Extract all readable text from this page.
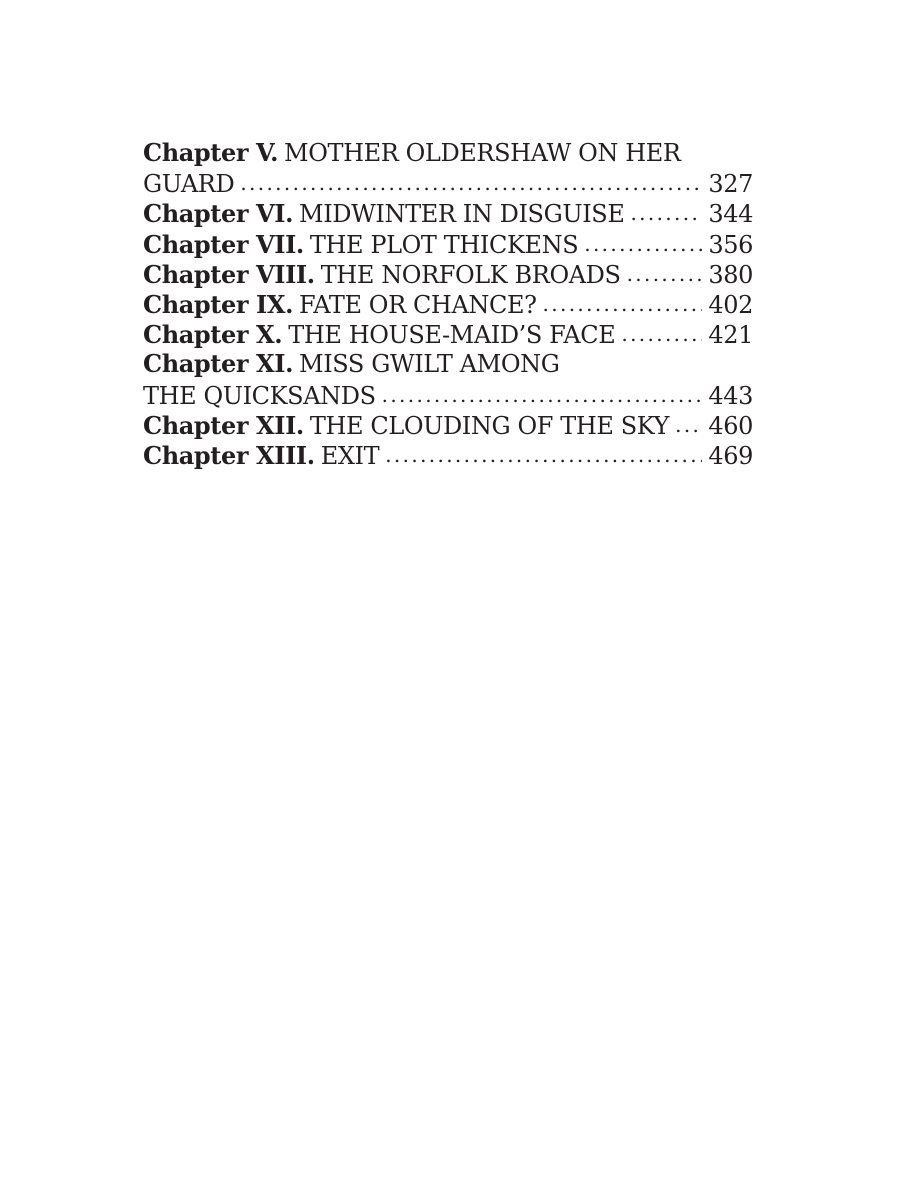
Chapter V. MOTHER OLDERSHAW ON HER
GUARD . . .	327
Chapter VI. MIDWINTER IN DISGUISE . . .	344
Chapter VII. THE PLOT THICKENS . . .	356
Chapter VIII. THE NORFOLK BROADS . . .	380
Chapter IX. FATE OR CHANCE? . . .	402
Chapter X. THE HOUSE-MAID’S FACE . . .	421
Chapter XI. MISS GWILT AMONG
THE QUICKSANDS . . .	443
Chapter XII. THE CLOUDING OF THE SKY . . . 460
Chapter XIII. EXIT . . .	469
